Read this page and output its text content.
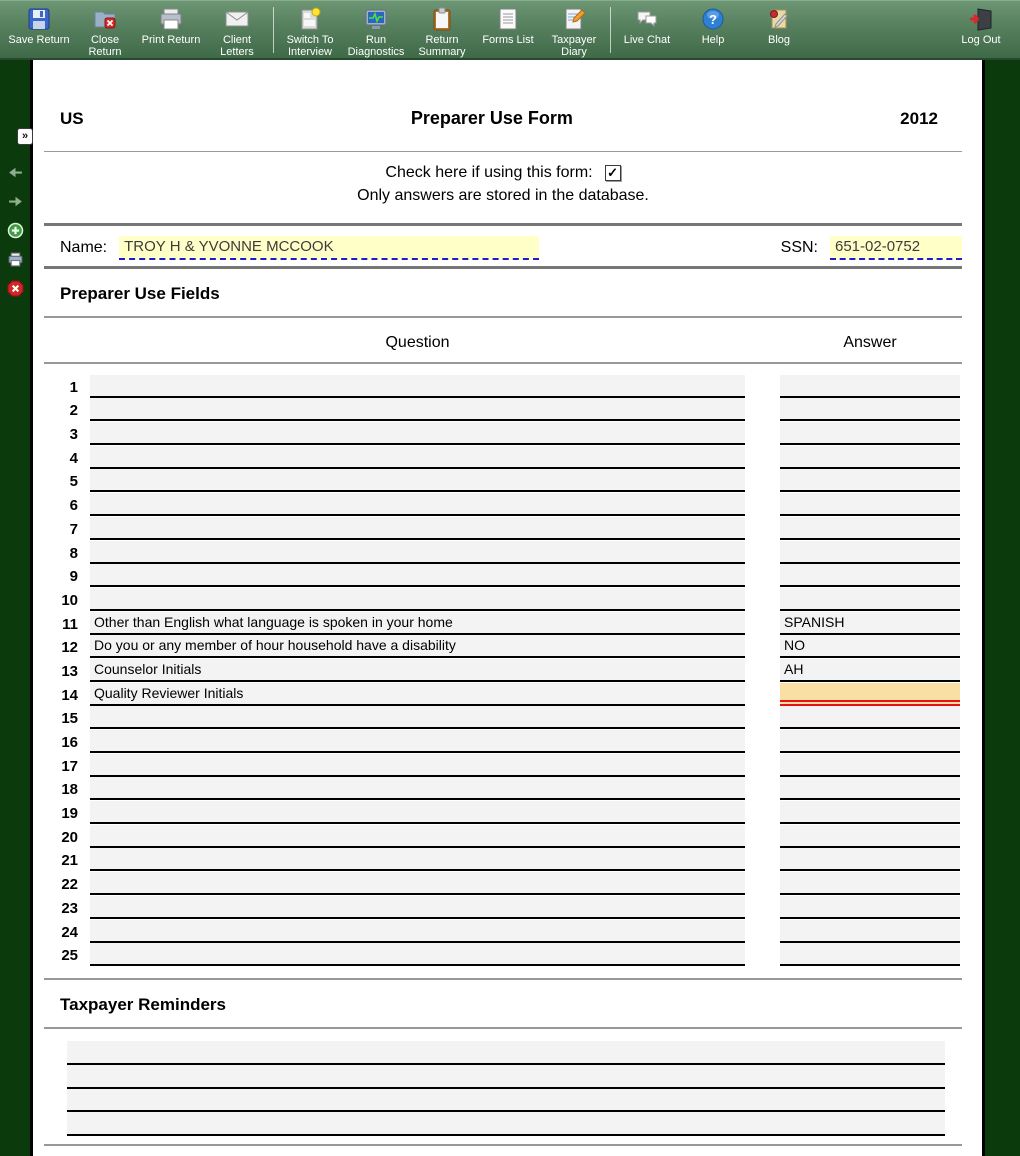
Save Return	Close Return
Print Return	Client Letters
Switch To Interview
Run Diagnostics
Return Summary
Forms List	Taxpayer Diary
Live Chat
?
Help	Blog	Log Out
»
US	Preparer Use Form	2012
Check here if using this form: ✓
Only answers are stored in the database.
Name:	TROY H & YVONNE MCCOOK	SSN:	651-02-0752
Preparer Use Fields
Question	Answer
1
2
3
4
5
6
7
8
9
10
11 Other than English what language is spoken in your home	SPANISH
12 Do you or any member of hour household have a disability	NO
13 Counselor Initials	AH
14 Quality Reviewer Initials
15
16
17
18
19
20
21
22
23
24
25
Taxpayer Reminders
